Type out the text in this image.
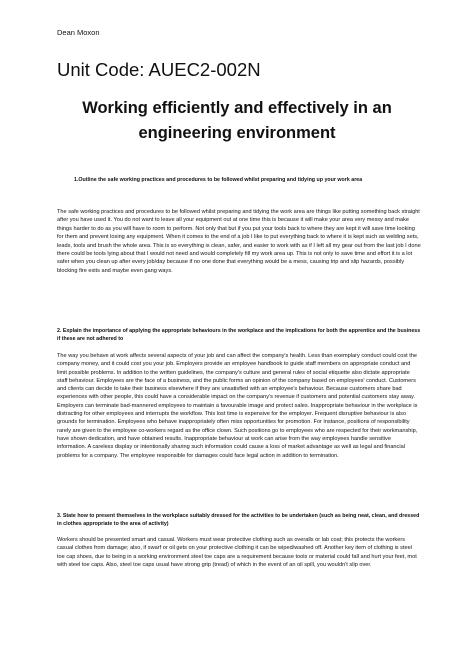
Dean Moxon
Unit Code: AUEC2-002N
Working efficiently and effectively in an engineering environment
1.Outline the safe working practices and procedures to be followed whilst preparing and tidying up your work area
The safe working practices and procedures to be followed whilst preparing and tidying the work area are things like putting something back straight after you have used it. You do not want to leave all your equipment out at one time this is because it will make your area very messy and make things harder to do as you will have to room to perform. Not only that but if you put your tools back to where they are kept it will save time looking for them and prevent losing any equipment. When it comes to the end of a job I like to put everything back to where it is kept such as welding sets, leads, tools and brush the whole area. This is so everything is clean, safer, and easier to work with as if I left all my gear out from the last job I done there could be tools lying about that I would not need and would completely fill my work area up. This is not only to save time and effort it is a lot safer when you clean up after every job/day because if no one done that everything would be a mess, causing trip and slip hazards, possibly blocking fire exits and maybe even gang ways.
2. Explain the importance of applying the appropriate behaviours in the workplace and the implications for both the apprentice and the business if these are not adhered to
The way you behave at work affects several aspects of your job and can affect the company's health. Less than exemplary conduct could cost the company money, and it could cost you your job. Employers provide an employee handbook to guide staff members on appropriate conduct and limit possible problems. In addition to the written guidelines, the company's culture and general rules of social etiquette also dictate appropriate staff behaviour. Employees are the face of a business, and the public forms an opinion of the company based on employees' conduct. Customers and clients can decide to take their business elsewhere if they are unsatisfied with an employee's behaviour. Because customers share bad experiences with other people, this could have a considerable impact on the company's revenue if customers and potential customers stay away. Employers can terminate bad-mannered employees to maintain a favourable image and protect sales. Inappropriate behaviour in the workplace is distracting for other employees and interrupts the workflow. This lost time is expensive for the employer. Frequent disruptive behaviour is also grounds for termination. Employees who behave inappropriately often miss opportunities for promotion. For instance, positions of responsibility rarely are given to the employee co-workers regard as the office clown. Such positions go to employees who are respected for their workmanship, have shown dedication, and have obtained results. Inappropriate behaviour at work can arise from the way employees handle sensitive information. A careless display or intentionally sharing such information could cause a loss of market advantage as well as legal and financial problems for a company. The employee responsible for damages could face legal action in addition to termination.
3. State how to present themselves in the workplace suitably dressed for the activities to be undertaken (such as being neat, clean, and dressed in clothes appropriate to the area of activity)
Workers should be presented smart and casual. Workers must wear protective clothing such as overalls or lab coat; this protects the workers casual clothes from damage; also, if swarf or oil gets on your protective clothing it can be wiped/washed off. Another key item of clothing is steel toe cap shoes, due to being in a working environment steel toe caps are a requirement because tools or material could fall and hurt your feet, mot with steel toe caps. Also, steel toe caps usual have strong grip (tread) of which in the event of an oil spill, you wouldn't slip over.
